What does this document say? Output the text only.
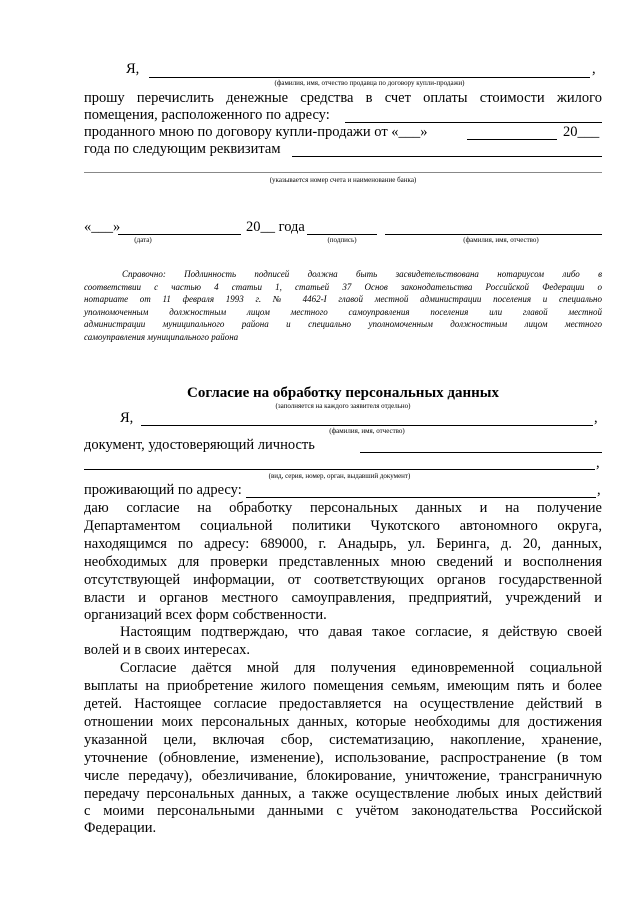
Я,	,
(фамилия, имя, отчество продавца по договору купли-продажи)
прошу перечислить денежные средства в счет оплаты стоимости жилого
помещения, расположенного по адресу:
проданного мною по договору купли-продажи от «___»	20___
года по следующим реквизитам
(указывается номер счета и наименование банка)
«___»	20__ года
(дата)	(подпись)	(фамилия, имя, отчество)
Справочно: Подлинность подписей должна быть засвидетельствована нотариусом либо в
соответствии с частью 4 статьи 1, статьей 37 Основ законодательства Российской Федерации о
нотариате от 11 февраля 1993 г. № 4462-I главой местной администрации поселения и специально
уполномоченным должностным лицом местного самоуправления поселения или главой местной
администрации муниципального района и специально уполномоченным должностным лицом местного
самоуправления муниципального района
Согласие на обработку персональных данных
(заполняется на каждого заявителя отдельно)
Я,	,
(фамилия, имя, отчество)
документ, удостоверяющий личность
,
(вид, серия, номер, орган, выдавший документ)
проживающий по адресу:	,
даю согласие на обработку персональных данных и на получение
Департаментом социальной политики Чукотского автономного округа,
находящимся по адресу: 689000, г. Анадырь, ул. Беринга, д. 20, данных,
необходимых для проверки представленных мною сведений и восполнения
отсутствующей информации, от соответствующих органов государственной
власти и органов местного самоуправления, предприятий, учреждений и
организаций всех форм собственности.
Настоящим подтверждаю, что давая такое согласие, я действую своей
волей и в своих интересах.
Согласие даётся мной для получения единовременной социальной
выплаты на приобретение жилого помещения семьям, имеющим пять и более
детей. Настоящее согласие предоставляется на осуществление действий в
отношении моих персональных данных, которые необходимы для достижения
указанной цели, включая сбор, систематизацию, накопление, хранение,
уточнение (обновление, изменение), использование, распространение (в том
числе передачу), обезличивание, блокирование, уничтожение, трансграничную
передачу персональных данных, а также осуществление любых иных действий
с моими персональными данными с учётом законодательства Российской
Федерации.
